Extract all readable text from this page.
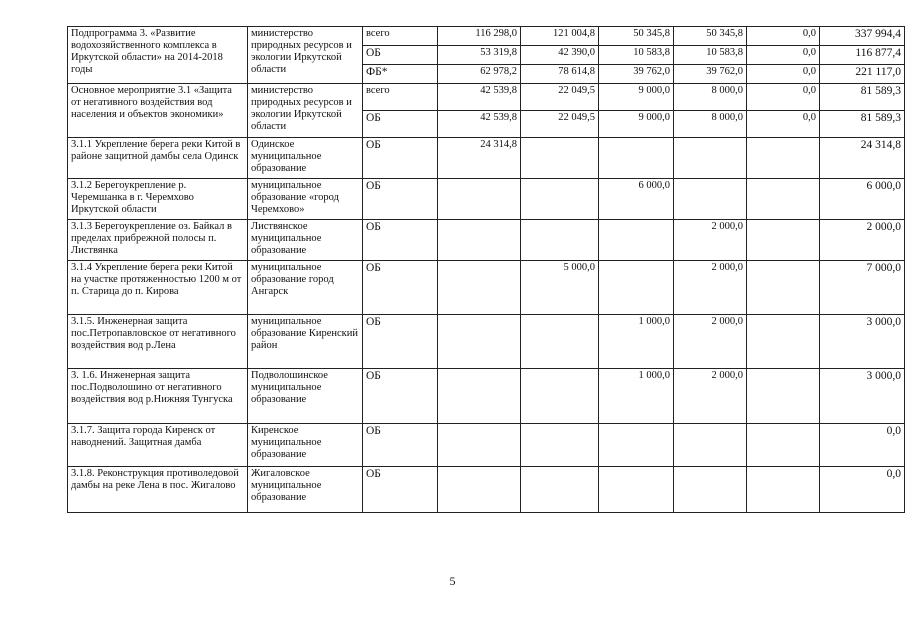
Подпрограмма 3. «Развитие водохозяйственного комплекса в Иркутской области» на 2014-2018 годы	министерство природных ресурсов и экологии Иркутской области	всего	116 298,0	121 004,8	50 345,8	50 345,8	0,0	337 994,4
		ОБ	53 319,8	42 390,0	10 583,8	10 583,8	0,0	116 877,4
		ФБ*	62 978,2	78 614,8	39 762,0	39 762,0	0,0	221 117,0
Основное мероприятие 3.1 «Защита от негативного воздействия вод населения и объектов экономики»	министерство природных ресурсов и экологии Иркутской области	всего	42 539,8	22 049,5	9 000,0	8 000,0	0,0	81 589,3
		ОБ	42 539,8	22 049,5	9 000,0	8 000,0	0,0	81 589,3
3.1.1 Укрепление берега реки Китой в районе защитной дамбы села Одинск	Одинское муниципальное образование	ОБ	24 314,8					24 314,8
3.1.2 Берегоукрепление р. Черемшанка в г. Черемхово Иркутской области	муниципальное образование «город Черемхово»	ОБ			6 000,0			6 000,0
3.1.3 Берегоукрепление оз. Байкал в пределах прибрежной полосы п. Листвянка	Листвянское муниципальное образование	ОБ				2 000,0		2 000,0
3.1.4 Укрепление берега реки Китой на участке протяженностью 1200 м от п. Старица до п. Кирова	муниципальное образование город Ангарск	ОБ		5 000,0		2 000,0		7 000,0
3.1.5. Инженерная защита пос.Петропавловское от негативного воздействия вод р.Лена	муниципальное образование Киренский район	ОБ			1 000,0	2 000,0		3 000,0
3. 1.6. Инженерная защита пос.Подволошино от негативного воздействия вод р.Нижняя Тунгуска	Подволошинское муниципальное образование	ОБ			1 000,0	2 000,0		3 000,0
3.1.7. Защита города Киренск от наводнений. Защитная дамба	Киренское муниципальное образование	ОБ						0,0
3.1.8. Реконструкция противоледовой дамбы на реке Лена в пос. Жигалово	Жигаловское муниципальное образование	ОБ						0,0
5
